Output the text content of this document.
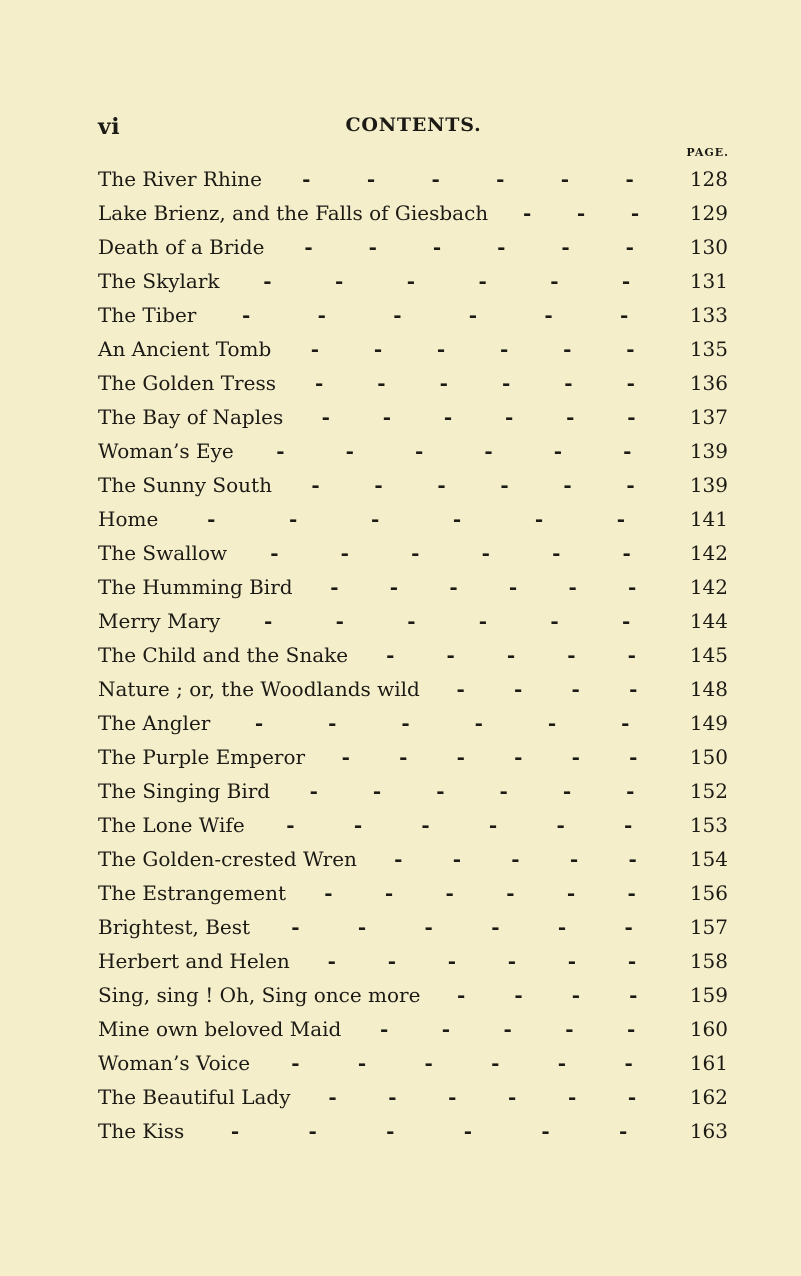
vi	CONTENTS.
PAGE.
The River Rhine -	-	-	-	-	-	128
Lake Brienz, and the Falls of Giesbach - - -	129
Death of a Bride -	-	-	-	-	-	130
The Skylark -	-	-	-	-	-	131
The Tiber -	-	-	-	-	-	133
An Ancient Tomb -	-	-	-	-	-	135
The Golden Tress -	-	-	-	-	-	136
The Bay of Naples -	-	-	-	-	-	137
Woman’s Eye -	-	-	-	-	-	139
The Sunny South -	-	-	-	-	-	139
Home -	-	-	-	-	-	141
The Swallow -	-	-	-	-	-	142
The Humming Bird -	-	-	-	-	-	142
Merry Mary -	-	-	-	-	-	144
The Child and the Snake -	-	-	-	-	145
Nature ; or, the Woodlands wild - - - -	148
The Angler -	-	-	-	-	-	149
The Purple Emperor - - - - - -	150
The Singing Bird -	-	-	-	-	-	152
The Lone Wife -	-	-	-	-	-	153
The Golden-crested Wren -	-	-	-	-	154
The Estrangement -	-	-	-	-	-	156
Brightest, Best -	-	-	-	-	-	157
Herbert and Helen -	-	-	-	-	-	158
Sing, sing ! Oh, Sing once more - - - -	159
Mine own beloved Maid -	-	-	-	-	160
Woman’s Voice -	-	-	-	-	-	161
The Beautiful Lady -	-	-	-	-	-	162
The Kiss -	-	-	-	-	-	163
